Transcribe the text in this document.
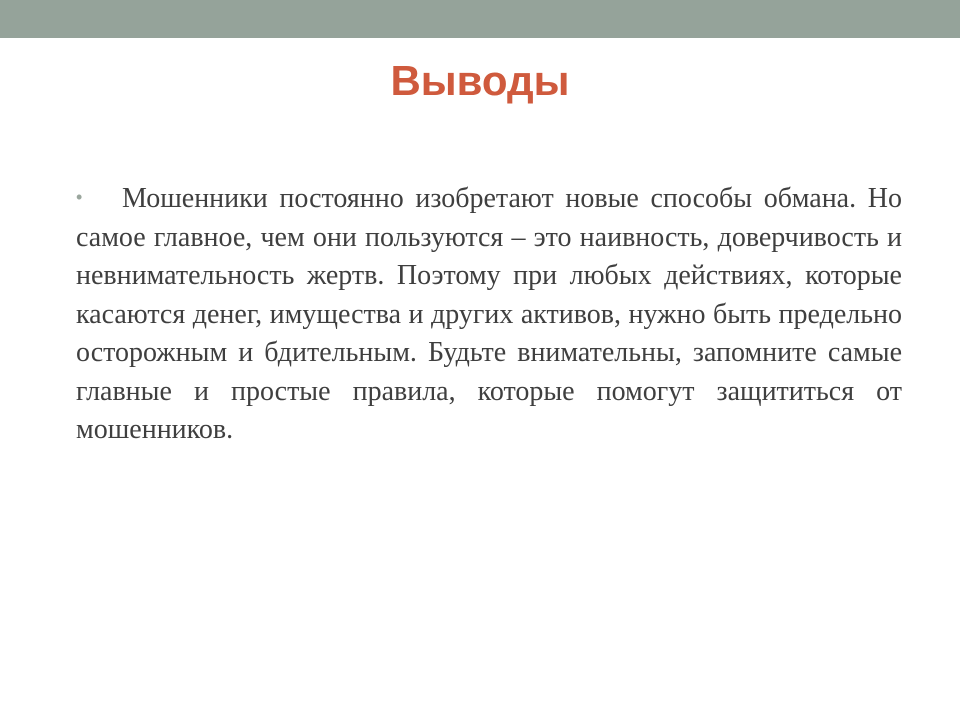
Выводы
• Мошенники постоянно изобретают новые способы обмана. Но самое главное, чем они пользуются – это наивность, доверчивость и невнимательность жертв. Поэтому при любых действиях, которые касаются денег, имущества и других активов, нужно быть предельно осторожным и бдительным. Будьте внимательны, запомните самые главные и простые правила, которые помогут защититься от мошенников.
